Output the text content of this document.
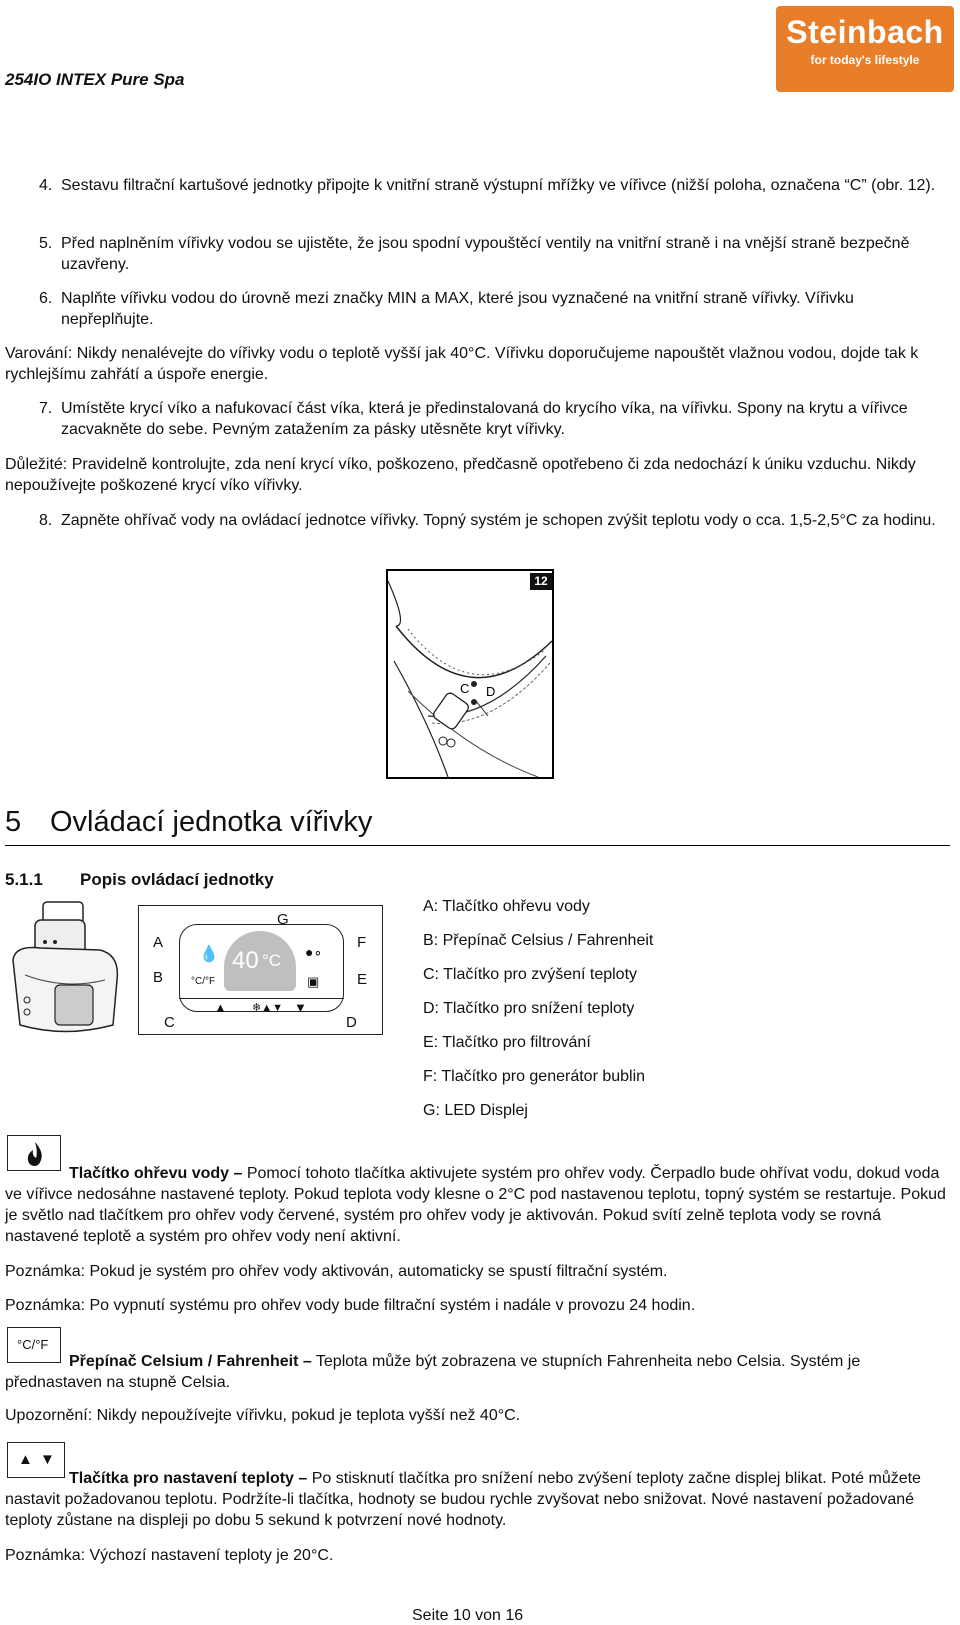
254IO INTEX Pure Spa
Steinbach
for today's lifestyle
4. Sestavu filtrační kartušové jednotky připojte k vnitřní straně výstupní mřížky ve vířivce (nižší poloha, označena “C” (obr. 12).
5. Před naplněním vířivky vodou se ujistěte, že jsou spodní vypouštěcí ventily na vnitřní straně i na vnější straně bezpečně uzavřeny.
6. Naplňte vířivku vodou do úrovně mezi značky MIN a MAX, které jsou vyznačené na vnitřní straně vířivky. Vířivku nepřeplňujte.
Varování: Nikdy nenalévejte do vířivky vodu o teplotě vyšší jak 40°C. Vířivku doporučujeme napouštět vlažnou vodou, dojde tak k rychlejšímu zahřátí a úspoře energie.
7. Umístěte krycí víko a nafukovací část víka, která je předinstalovaná do krycího víka, na vířivku. Spony na krytu a vířivce zacvakněte do sebe. Pevným zatažením za pásky utěsněte kryt vířivky.
Důležité: Pravidelně kontrolujte, zda není krycí víko, poškozeno, předčasně opotřebeno či zda nedochází k úniku vzduchu. Nikdy nepoužívejte poškozené krycí víko vířivky.
8. Zapněte ohřívač vody na ovládací jednotce vířivky. Topný systém je schopen zvýšit teplotu vody o cca. 1,5-2,5°C za hodinu.
C D
12
5 Ovládací jednotka vířivky
5.1.1 Popis ovládací jednotky
A
B
C
G
F
E
D
40 °C
💧
°C/°F
●∘
▣
▲ ❄▲▼ ▼
A: Tlačítko ohřevu vody
B: Přepínač Celsius / Fahrenheit
C: Tlačítko pro zvýšení teploty
D: Tlačítko pro snížení teploty
E: Tlačítko pro filtrování
F: Tlačítko pro generátor bublin
G: LED Displej
Tlačítko ohřevu vody – Pomocí tohoto tlačítka aktivujete systém pro ohřev vody. Čerpadlo bude ohřívat vodu, dokud voda ve vířivce nedosáhne nastavené teploty. Pokud teplota vody klesne o 2°C pod nastavenou teplotu, topný systém se restartuje. Pokud je světlo nad tlačítkem pro ohřev vody červené, systém pro ohřev vody je aktivován. Pokud svítí zelně teplota vody se rovná nastavené teplotě a systém pro ohřev vody není aktivní.
Poznámka: Pokud je systém pro ohřev vody aktivován, automaticky se spustí filtrační systém.
Poznámka: Po vypnutí systému pro ohřev vody bude filtrační systém i nadále v provozu 24 hodin.
°C/°F
Přepínač Celsium / Fahrenheit – Teplota může být zobrazena ve stupních Fahrenheita nebo Celsia. Systém je přednastaven na stupně Celsia.
Upozornění: Nikdy nepoužívejte vířivku, pokud je teplota vyšší než 40°C.
▲ ▼
Tlačítka pro nastavení teploty – Po stisknutí tlačítka pro snížení nebo zvýšení teploty začne displej blikat. Poté můžete nastavit požadovanou teplotu. Podržíte-li tlačítka, hodnoty se budou rychle zvyšovat nebo snižovat. Nové nastavení požadované teploty zůstane na displeji po dobu 5 sekund k potvrzení nové hodnoty.
Poznámka: Výchozí nastavení teploty je 20°C.
Seite 10 von 16
